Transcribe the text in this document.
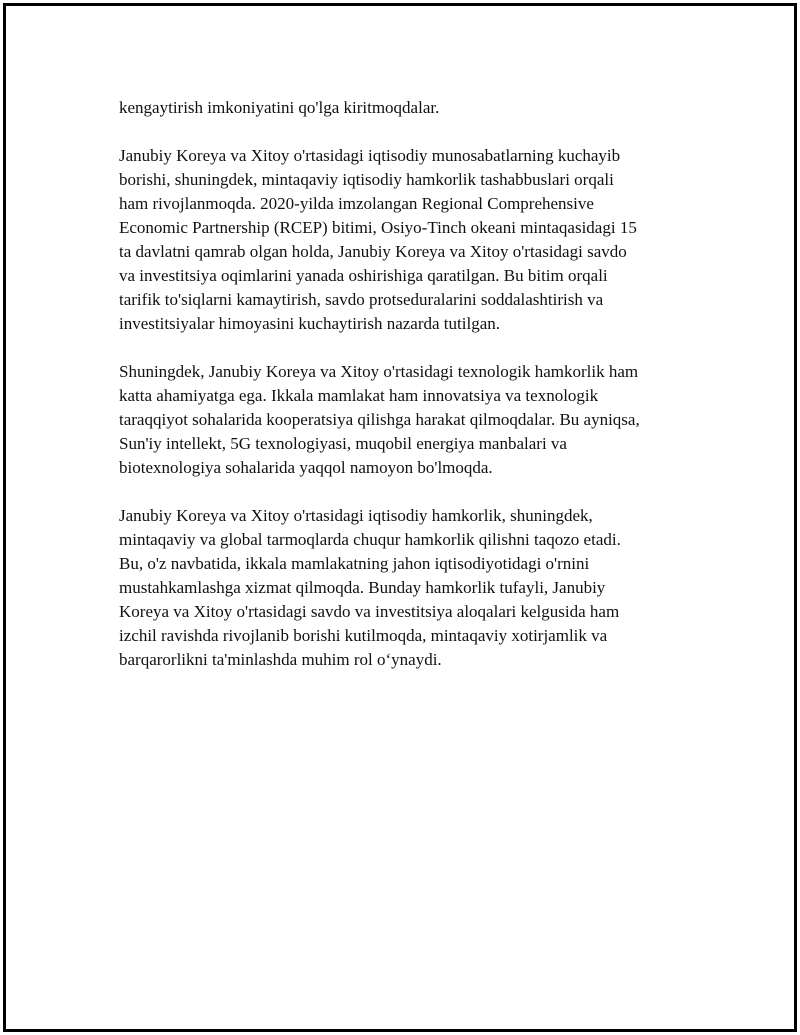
kengaytirish imkoniyatini qo'lga kiritmoqdalar.

Janubiy Koreya va Xitoy o'rtasidagi iqtisodiy munosabatlarning kuchayib
borishi, shuningdek, mintaqaviy iqtisodiy hamkorlik tashabbuslari orqali
ham rivojlanmoqda. 2020-yilda imzolangan Regional Comprehensive
Economic Partnership (RCEP) bitimi, Osiyo-Tinch okeani mintaqasidagi 15
ta davlatni qamrab olgan holda, Janubiy Koreya va Xitoy o'rtasidagi savdo
va investitsiya oqimlarini yanada oshirishiga qaratilgan. Bu bitim orqali
tarifik to'siqlarni kamaytirish, savdo protseduralarini soddalashtirish va
investitsiyalar himoyasini kuchaytirish nazarda tutilgan.

Shuningdek, Janubiy Koreya va Xitoy o'rtasidagi texnologik hamkorlik ham
katta ahamiyatga ega. Ikkala mamlakat ham innovatsiya va texnologik
taraqqiyot sohalarida kooperatsiya qilishga harakat qilmoqdalar. Bu ayniqsa,
Sun'iy intellekt, 5G texnologiyasi, muqobil energiya manbalari va
biotexnologiya sohalarida yaqqol namoyon bo'lmoqda.

Janubiy Koreya va Xitoy o'rtasidagi iqtisodiy hamkorlik, shuningdek,
mintaqaviy va global tarmoqlarda chuqur hamkorlik qilishni taqozo etadi.
Bu, o'z navbatida, ikkala mamlakatning jahon iqtisodiyotidagi o'rnini
mustahkamlashga xizmat qilmoqda. Bunday hamkorlik tufayli, Janubiy
Koreya va Xitoy o'rtasidagi savdo va investitsiya aloqalari kelgusida ham
izchil ravishda rivojlanib borishi kutilmoqda, mintaqaviy xotirjamlik va
barqarorlikni ta'minlashda muhim rol o‘ynaydi.
